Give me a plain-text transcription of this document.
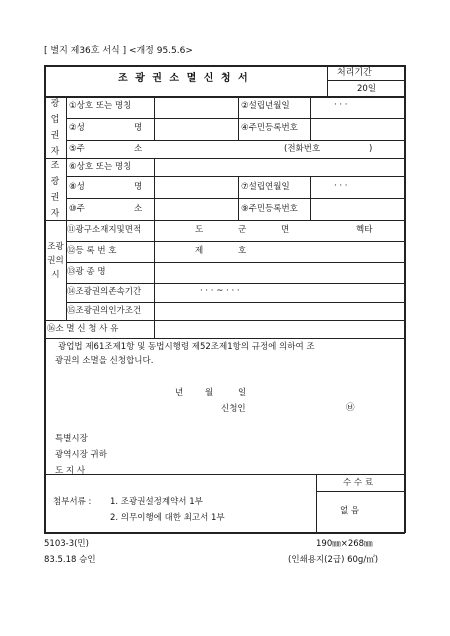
[ 별지 제36호 서식 ] <개정 95.5.6>
조 광 권 소 멸 신 청 서	처리기간
20일
광업권자
조광권자
조광권의시
①상호 또는 명칭	②설립년월일	· · ·
②성	명	④주민등록번호
⑤주	소	(전화번호	)
⑥상호 또는 명칭
⑧성	명	⑦설립연월일	· · ·
⑩주	소	⑨주민등록번호
⑪광구소재지및면적	도	군	면	헥타
⑫등 록 번 호	제	호
⑬광 종 명
⑭조광권의존속기간	· · · ~ · · ·
⑮조광권의인가조건
⑯소 멸 신 청 사 유
광업법 제61조제1항 및 동법시행령 제52조제1항의 규정에 의하여 조
광권의 소멸을 신청합니다.
년	월	일
신청인	㉥
특별시장
광역시장 귀하
도 지 사
첨부서류 : 1. 조광권설정계약서 1부
2. 의무이행에 대한 최고서 1부
수 수 료
없 음
5103-3(민)
83.5.18 승인
190㎜×268㎜
(인쇄용지(2급) 60g/㎡)
